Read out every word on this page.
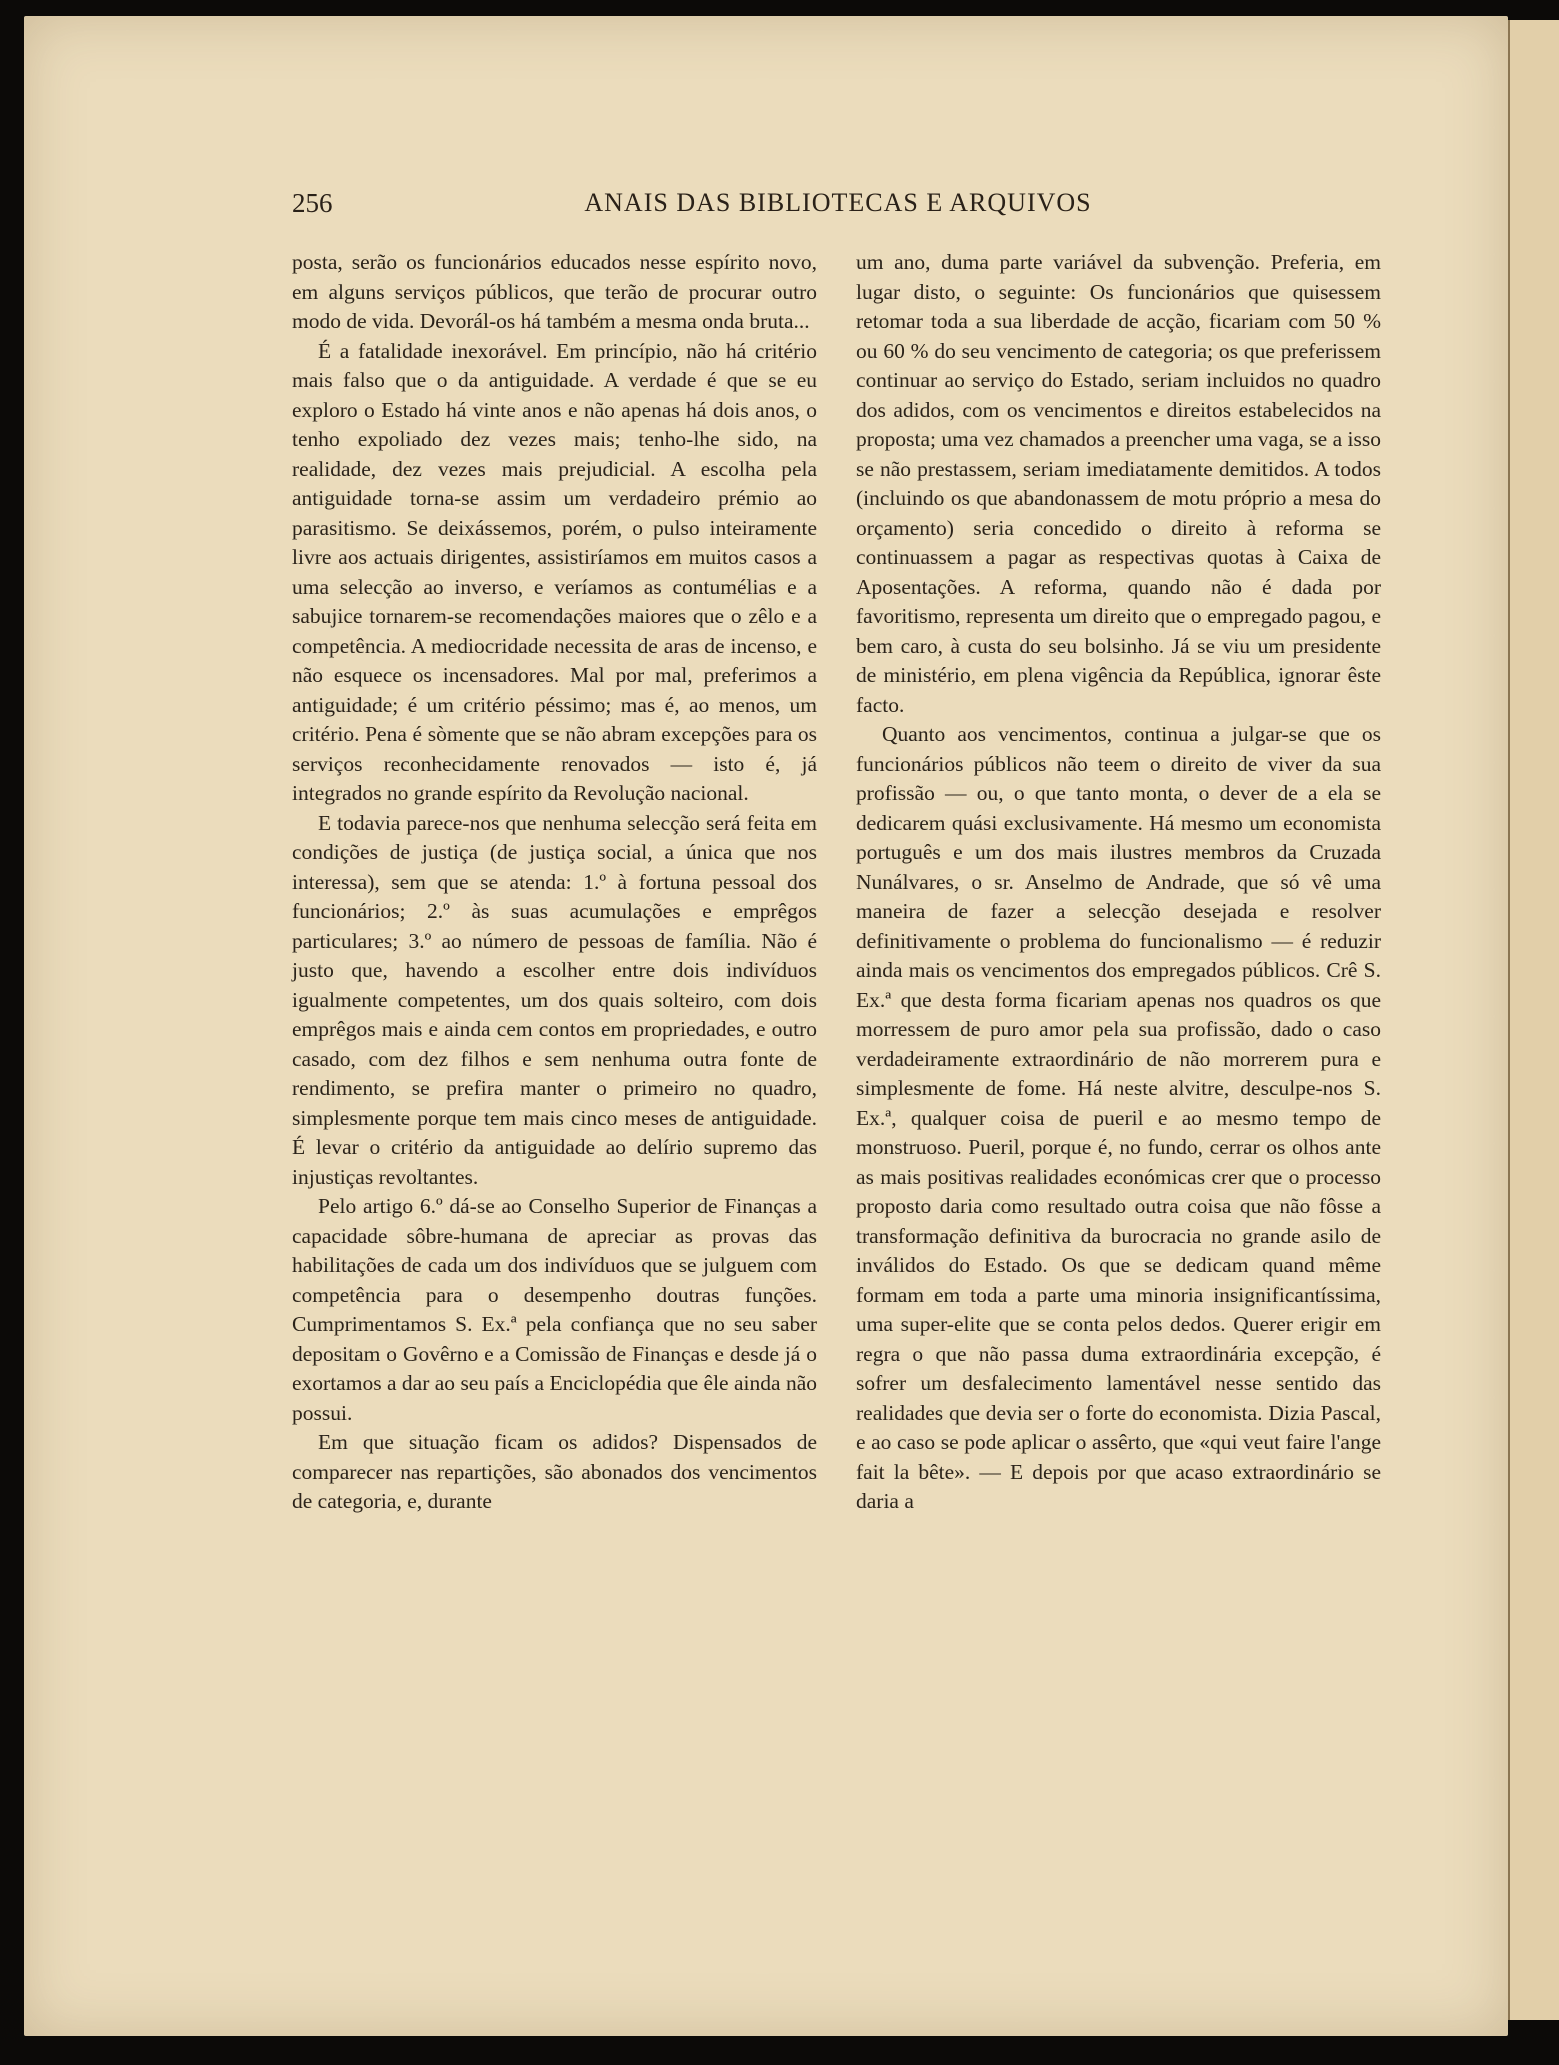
256	ANAIS DAS BIBLIOTECAS E ARQUIVOS

posta, serão os funcionários educados nesse espírito novo, em alguns serviços públicos, que terão de procurar outro modo de vida. Devorál-os há também a mesma onda bruta...

É a fatalidade inexorável. Em princípio, não há critério mais falso que o da antiguidade. A verdade é que se eu exploro o Estado há vinte anos e não apenas há dois anos, o tenho expoliado dez vezes mais; tenho-lhe sido, na realidade, dez vezes mais prejudicial. A escolha pela antiguidade torna-se assim um verdadeiro prémio ao parasitismo. Se deixássemos, porém, o pulso inteiramente livre aos actuais dirigentes, assistiríamos em muitos casos a uma selecção ao inverso, e veríamos as contumélias e a sabujice tornarem-se recomendações maiores que o zêlo e a competência. A mediocridade necessita de aras de incenso, e não esquece os incensadores. Mal por mal, preferimos a antiguidade; é um critério péssimo; mas é, ao menos, um critério. Pena é sòmente que se não abram excepções para os serviços reconhecidamente renovados — isto é, já integrados no grande espírito da Revolução nacional.

E todavia parece-nos que nenhuma selecção será feita em condições de justiça (de justiça social, a única que nos interessa), sem que se atenda: 1.º à fortuna pessoal dos funcionários; 2.º às suas acumulações e emprêgos particulares; 3.º ao número de pessoas de família. Não é justo que, havendo a escolher entre dois indivíduos igualmente competentes, um dos quais solteiro, com dois emprêgos mais e ainda cem contos em propriedades, e outro casado, com dez filhos e sem nenhuma outra fonte de rendimento, se prefira manter o primeiro no quadro, simplesmente porque tem mais cinco meses de antiguidade. É levar o critério da antiguidade ao delírio supremo das injustiças revoltantes.

Pelo artigo 6.º dá-se ao Conselho Superior de Finanças a capacidade sôbre-humana de apreciar as provas das habilitações de cada um dos indivíduos que se julguem com competência para o desempenho doutras funções. Cumprimentamos S. Ex.ª pela confiança que no seu saber depositam o Govêrno e a Comissão de Finanças e desde já o exortamos a dar ao seu país a Enciclopédia que êle ainda não possui.

Em que situação ficam os adidos? Dispensados de comparecer nas repartições, são abonados dos vencimentos de categoria, e, durante

um ano, duma parte variável da subvenção. Preferia, em lugar disto, o seguinte: Os funcionários que quisessem retomar toda a sua liberdade de acção, ficariam com 50 % ou 60 % do seu vencimento de categoria; os que preferissem continuar ao serviço do Estado, seriam incluidos no quadro dos adidos, com os vencimentos e direitos estabelecidos na proposta; uma vez chamados a preencher uma vaga, se a isso se não prestassem, seriam imediatamente demitidos. A todos (incluindo os que abandonassem de motu próprio a mesa do orçamento) seria concedido o direito à reforma se continuassem a pagar as respectivas quotas à Caixa de Aposentações. A reforma, quando não é dada por favoritismo, representa um direito que o empregado pagou, e bem caro, à custa do seu bolsinho. Já se viu um presidente de ministério, em plena vigência da República, ignorar êste facto.

Quanto aos vencimentos, continua a julgar-se que os funcionários públicos não teem o direito de viver da sua profissão — ou, o que tanto monta, o dever de a ela se dedicarem quási exclusivamente. Há mesmo um economista português e um dos mais ilustres membros da Cruzada Nunálvares, o sr. Anselmo de Andrade, que só vê uma maneira de fazer a selecção desejada e resolver definitivamente o problema do funcionalismo — é reduzir ainda mais os vencimentos dos empregados públicos. Crê S. Ex.ª que desta forma ficariam apenas nos quadros os que morressem de puro amor pela sua profissão, dado o caso verdadeiramente extraordinário de não morrerem pura e simplesmente de fome. Há neste alvitre, desculpe-nos S. Ex.ª, qualquer coisa de pueril e ao mesmo tempo de monstruoso. Pueril, porque é, no fundo, cerrar os olhos ante as mais positivas realidades económicas crer que o processo proposto daria como resultado outra coisa que não fôsse a transformação definitiva da burocracia no grande asilo de inválidos do Estado. Os que se dedicam quand même formam em toda a parte uma minoria insignificantíssima, uma super-elite que se conta pelos dedos. Querer erigir em regra o que não passa duma extraordinária excepção, é sofrer um desfalecimento lamentável nesse sentido das realidades que devia ser o forte do economista. Dizia Pascal, e ao caso se pode aplicar o assêrto, que «qui veut faire l'ange fait la bête». — E depois por que acaso extraordinário se daria a
